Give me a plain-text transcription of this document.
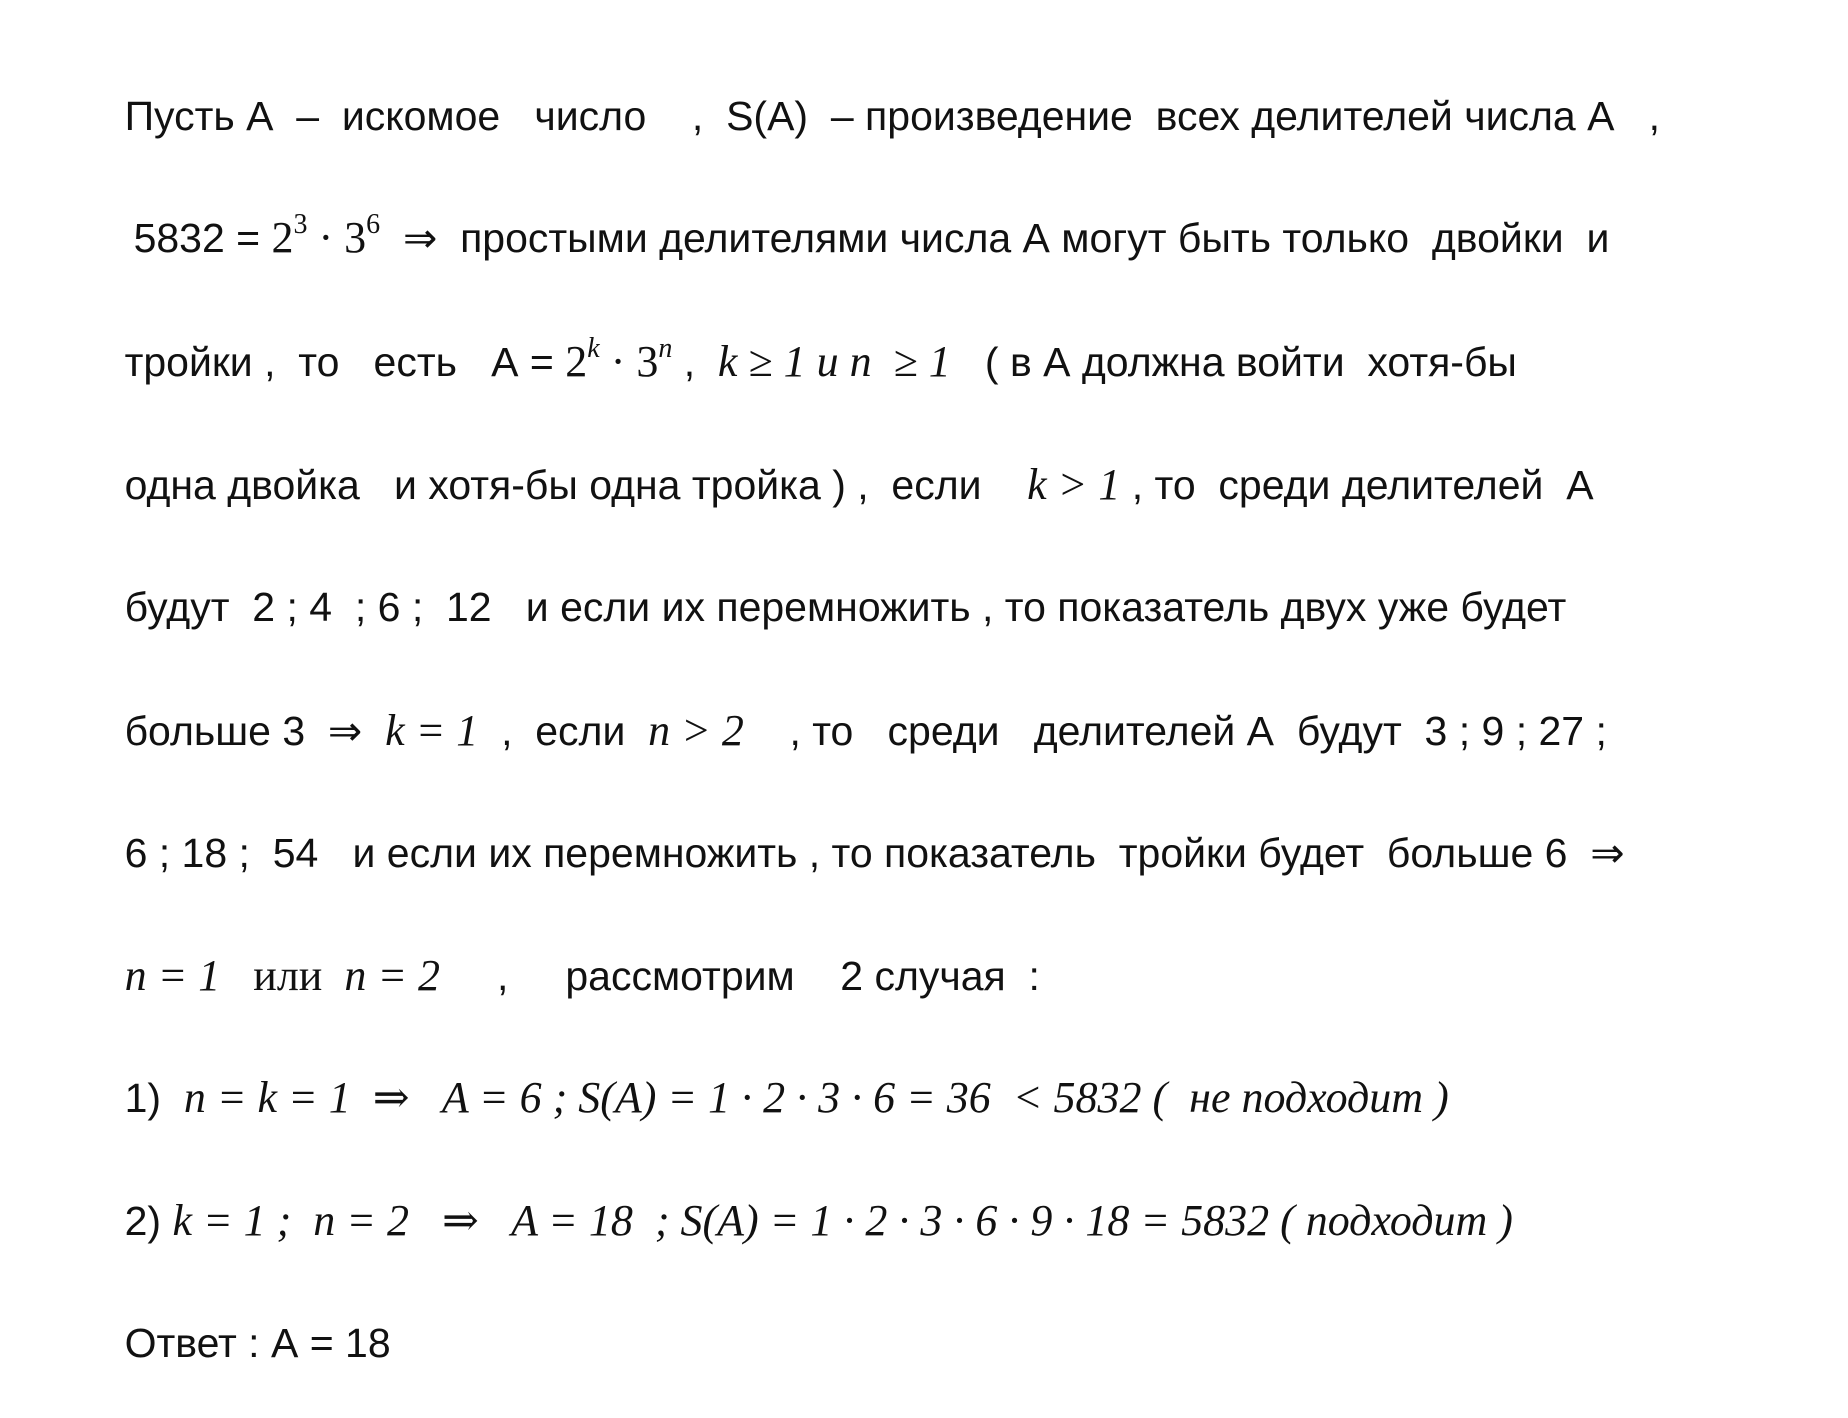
Пусть А  –  искомое   число    ,  S(А)  – произведение  всех делителей числа А   ,

$5832 = 2^3 \cdot 3^6$  ⇒  простыми делителями числа А могут быть только  двойки  и

тройки ,  то   есть   $А = 2^k \cdot 3^n$ ,  k ≥ 1 и n  ≥ 1   ( в А должна войти  хотя-бы

одна двойка   и хотя-бы одна тройка ) ,  если    k > 1 , то  среди делителей  А

будут  2 ; 4  ; 6 ;  12   и если их перемножить , то показатель двух уже будет

больше 3  ⇒  k = 1  ,  если  n > 2    , то   среди   делителей А  будут  3 ; 9 ; 27 ;

6 ; 18 ;  54   и если их перемножить , то показатель  тройки будет  больше 6  ⇒

n = 1   или  n = 2     ,     рассмотрим    2 случая  :

1)  n = k = 1  ⇒   A = 6 ; S(A) = 1 · 2 · 3 · 6 = 36  < 5832 (  не подходит )

2) k = 1 ;  n = 2   ⇒   A = 18  ; S(A) = 1 · 2 · 3 · 6 · 9 · 18 = 5832 ( подходит )

Ответ : А = 18
